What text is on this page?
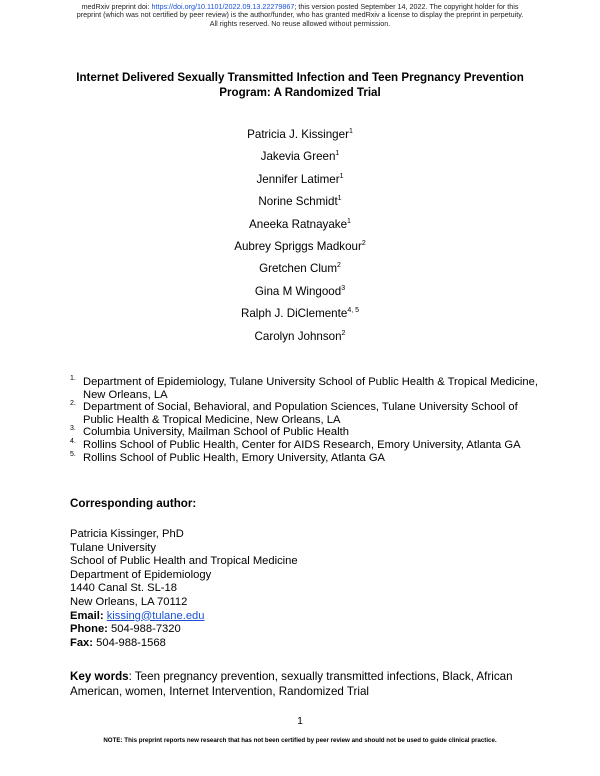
medRxiv preprint doi: https://doi.org/10.1101/2022.09.13.22279867; this version posted September 14, 2022. The copyright holder for this
preprint (which was not certified by peer review) is the author/funder, who has granted medRxiv a license to display the preprint in perpetuity.
All rights reserved. No reuse allowed without permission.
Internet Delivered Sexually Transmitted Infection and Teen Pregnancy Prevention
Program: A Randomized Trial
Patricia J. Kissinger$^1$
Jakevia Green$^1$
Jennifer Latimer$^1$
Norine Schmidt$^1$
Aneeka Ratnayake$^1$
Aubrey Spriggs Madkour$^2$
Gretchen Clum$^2$
Gina M Wingood$^3$
Ralph J. DiClemente$^{4, 5}$
Carolyn Johnson$^2$
1. Department of Epidemiology, Tulane University School of Public Health & Tropical Medicine, New Orleans, LA
2. Department of Social, Behavioral, and Population Sciences, Tulane University School of Public Health & Tropical Medicine, New Orleans, LA
3. Columbia University, Mailman School of Public Health
4. Rollins School of Public Health, Center for AIDS Research, Emory University, Atlanta GA
5. Rollins School of Public Health, Emory University, Atlanta GA
Corresponding author:
Patricia Kissinger, PhD
Tulane University
School of Public Health and Tropical Medicine
Department of Epidemiology
1440 Canal St. SL-18
New Orleans, LA 70112
Email: kissing@tulane.edu
Phone: 504-988-7320
Fax: 504-988-1568
Key words: Teen pregnancy prevention, sexually transmitted infections, Black, African American, women, Internet Intervention, Randomized Trial
1
NOTE: This preprint reports new research that has not been certified by peer review and should not be used to guide clinical practice.
